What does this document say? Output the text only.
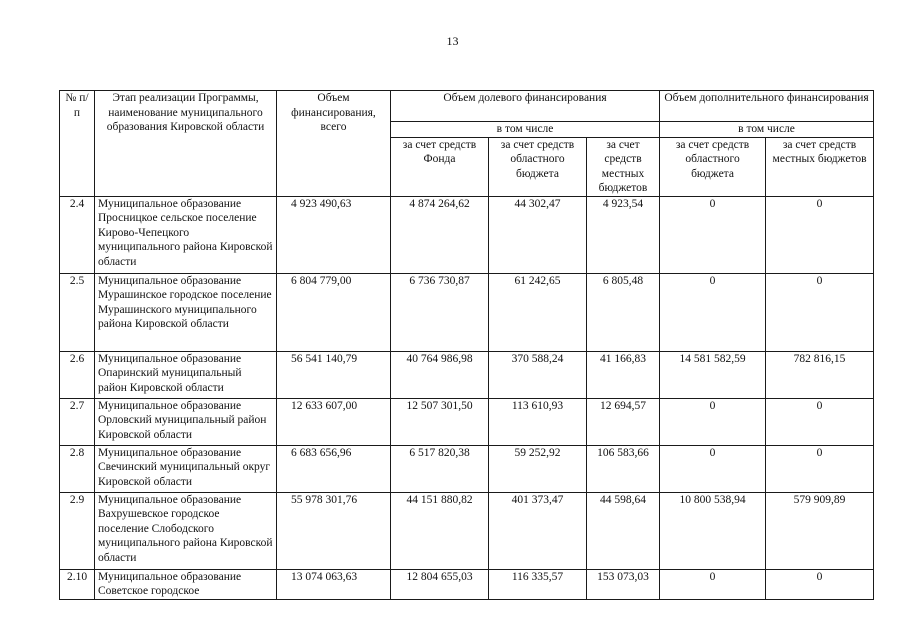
13
№ п/п	Этап реализации Программы, наименование муниципального образования Кировской области	Объем финансирования, всего	Объем долевого финансирования			Объем дополнительного финансирования	
			в том числе			в том числе	
			за счет средств Фонда	за счет средств областного бюджета	за счет средств местных бюджетов	за счет средств областного бюджета	за счет средств местных бюджетов
2.4	Муниципальное образование Просницкое сельское поселение Кирово-Чепецкого муниципального района Кировской области	4 923 490,63	4 874 264,62	44 302,47	4 923,54	0	0
2.5	Муниципальное образование Мурашинское городское поселение Мурашинского муниципального района Кировской области	6 804 779,00	6 736 730,87	61 242,65	6 805,48	0	0
2.6	Муниципальное образование Опаринский муниципальный район Кировской области	56 541 140,79	40 764 986,98	370 588,24	41 166,83	14 581 582,59	782 816,15
2.7	Муниципальное образование Орловский муниципальный район Кировской области	12 633 607,00	12 507 301,50	113 610,93	12 694,57	0	0
2.8	Муниципальное образование Свечинский муниципальный округ Кировской области	6 683 656,96	6 517 820,38	59 252,92	106 583,66	0	0
2.9	Муниципальное образование Вахрушевское городское поселение Слободского муниципального района Кировской области	55 978 301,76	44 151 880,82	401 373,47	44 598,64	10 800 538,94	579 909,89
2.10	Муниципальное образование Советское городское	13 074 063,63	12 804 655,03	116 335,57	153 073,03	0	0
